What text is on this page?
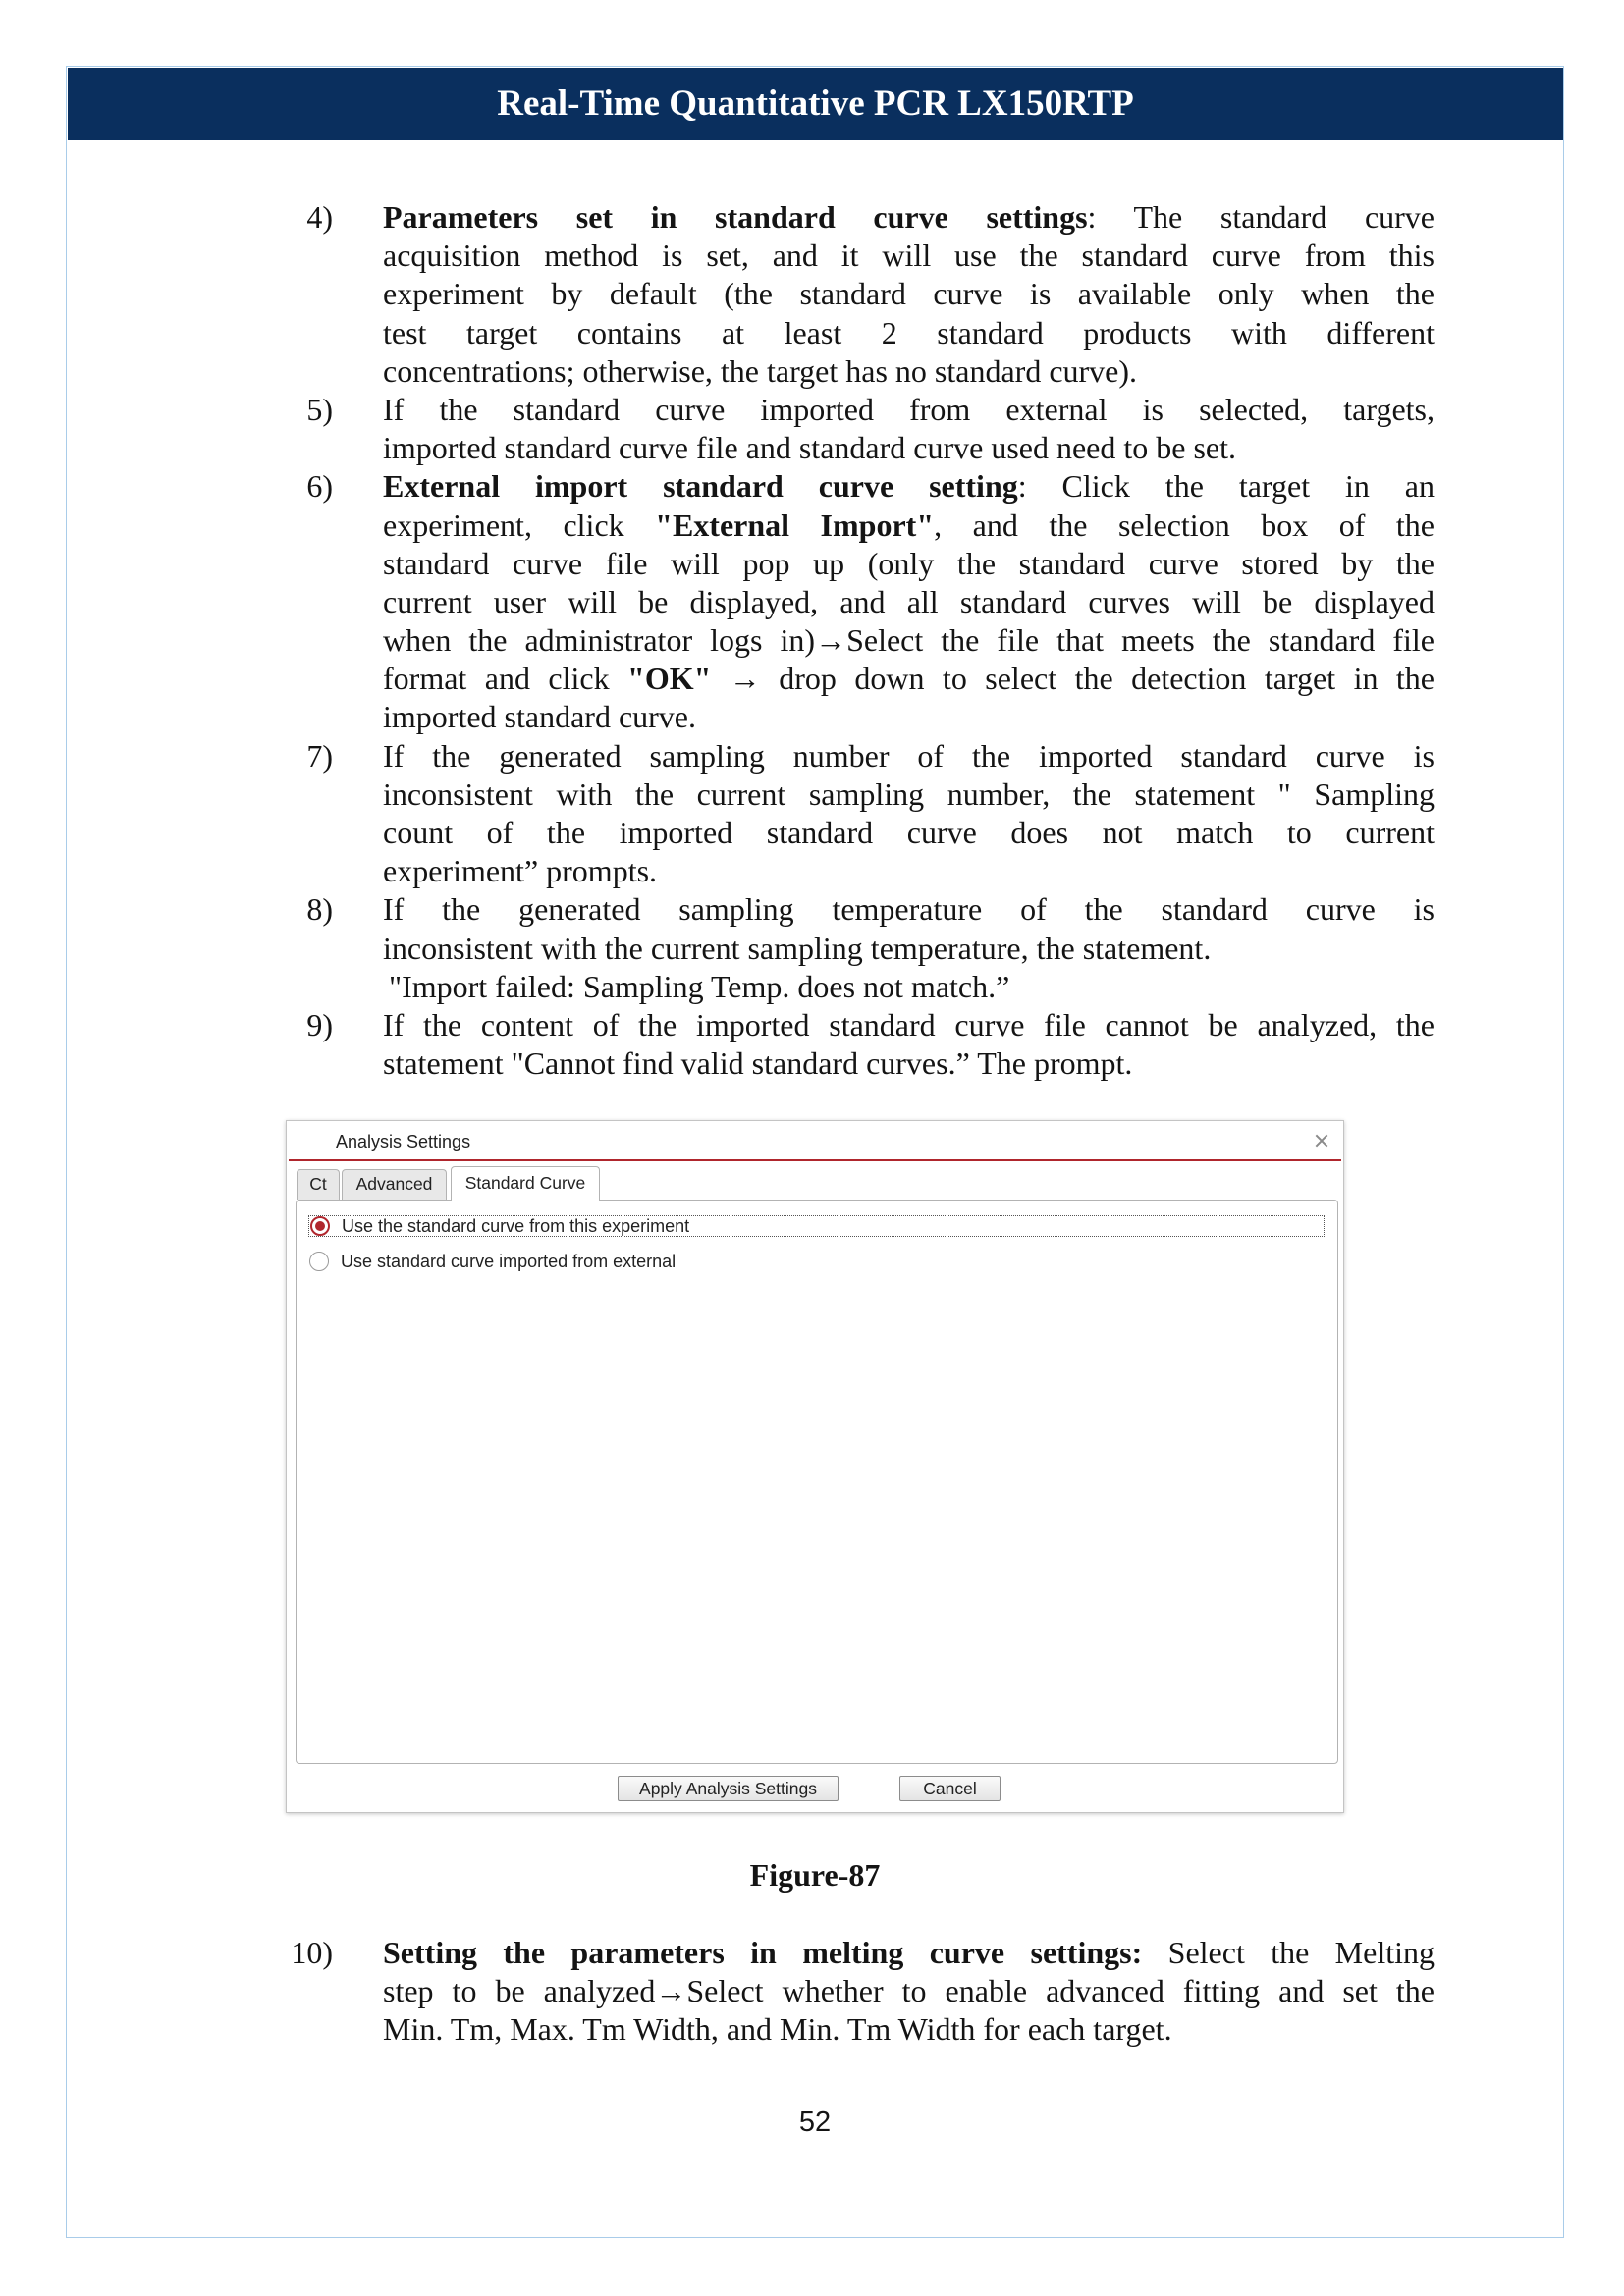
Real-Time Quantitative PCR LX150RTP
4) Parameters set in standard curve settings: The standard curve
acquisition method is set, and it will use the standard curve from this
experiment by default (the standard curve is available only when the
test target contains at least 2 standard products with different
concentrations; otherwise, the target has no standard curve).
5) If the standard curve imported from external is selected, targets,
imported standard curve file and standard curve used need to be set.
6) External import standard curve setting: Click the target in an
experiment, click "External Import", and the selection box of the
standard curve file will pop up (only the standard curve stored by the
current user will be displayed, and all standard curves will be displayed
when the administrator logs in)→Select the file that meets the standard file
format and click "OK" → drop down to select the detection target in the
imported standard curve.
7) If the generated sampling number of the imported standard curve is
inconsistent with the current sampling number, the statement " Sampling
count of the imported standard curve does not match to current
experiment” prompts.
8) If the generated sampling temperature of the standard curve is
inconsistent with the current sampling temperature, the statement.
"Import failed: Sampling Temp. does not match.”
9) If the content of the imported standard curve file cannot be analyzed, the
statement "Cannot find valid standard curves.” The prompt.
Analysis Settings
Ct	Advanced	Standard Curve
Use the standard curve from this experiment
Use standard curve imported from external
Apply Analysis Settings	Cancel
Figure-87
10) Setting the parameters in melting curve settings: Select the Melting
step to be analyzed→Select whether to enable advanced fitting and set the
Min. Tm, Max. Tm Width, and Min. Tm Width for each target.
52
